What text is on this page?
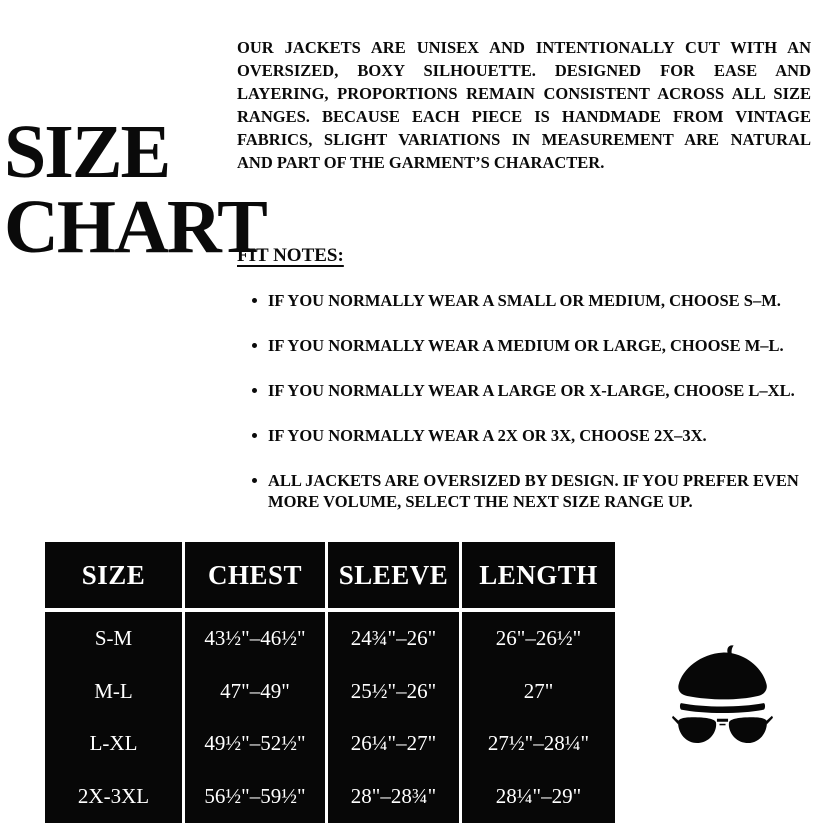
SIZE
CHART
OUR JACKETS ARE UNISEX AND INTENTIONALLY CUT WITH AN
OVERSIZED, BOXY SILHOUETTE. DESIGNED FOR EASE AND
LAYERING, PROPORTIONS REMAIN CONSISTENT ACROSS ALL SIZE
RANGES. BECAUSE EACH PIECE IS HANDMADE FROM VINTAGE
FABRICS, SLIGHT VARIATIONS IN MEASUREMENT ARE NATURAL
AND PART OF THE GARMENT’S CHARACTER.
FIT NOTES:
IF YOU NORMALLY WEAR A SMALL OR MEDIUM, CHOOSE S–M.
IF YOU NORMALLY WEAR A MEDIUM OR LARGE, CHOOSE M–L.
IF YOU NORMALLY WEAR A LARGE OR X-LARGE, CHOOSE L–XL.
IF YOU NORMALLY WEAR A 2X OR 3X, CHOOSE 2X–3X.
ALL JACKETS ARE OVERSIZED BY DESIGN. IF YOU PREFER EVEN MORE VOLUME, SELECT THE NEXT SIZE RANGE UP.
SIZE	CHEST	SLEEVE	LENGTH
S-M	43½"–46½"	24¾"–26"	26"–26½"
M-L	47"–49"	25½"–26"	27"
L-XL	49½"–52½"	26¼"–27"	27½"–28¼"
2X-3XL	56½"–59½"	28"–28¾"	28¼"–29"
